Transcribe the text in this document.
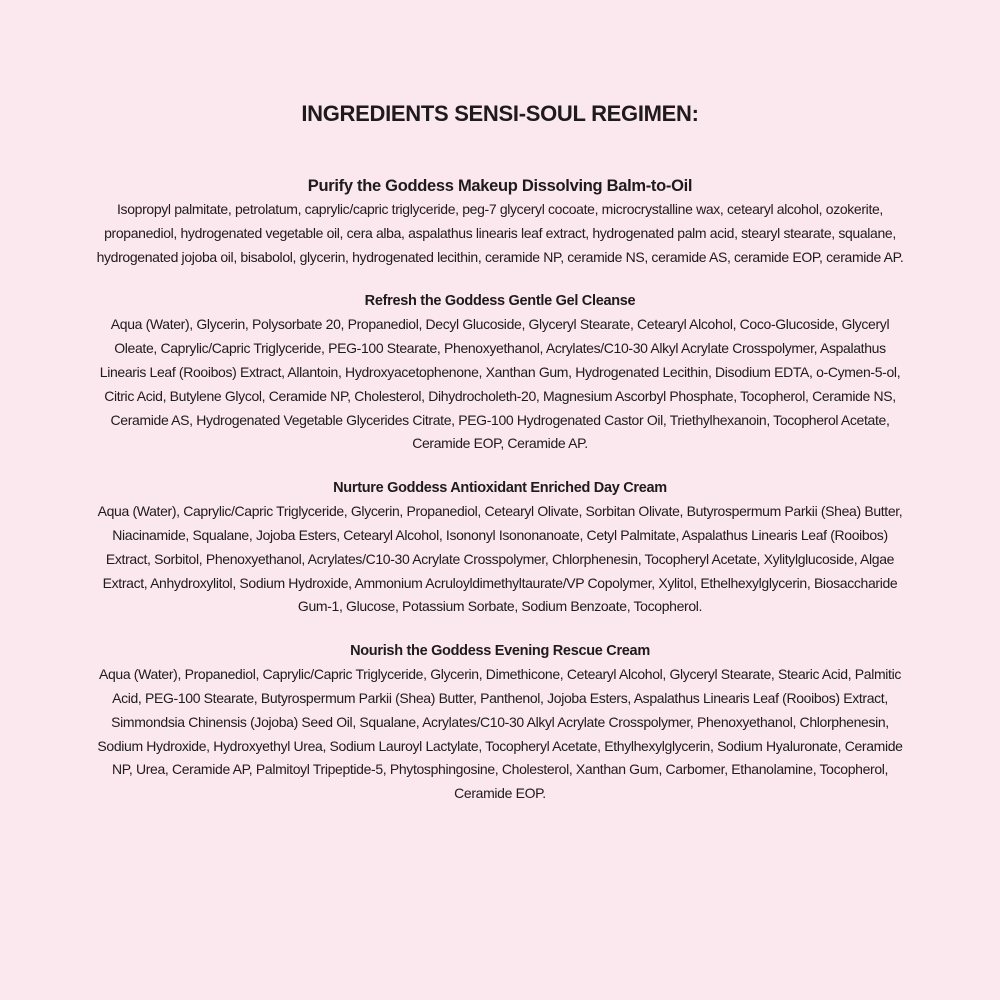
INGREDIENTS SENSI-SOUL REGIMEN:
Purify the Goddess Makeup Dissolving Balm-to-Oil

Isopropyl palmitate, petrolatum, caprylic/capric triglyceride, peg-7 glyceryl cocoate, microcrystalline wax, cetearyl alcohol, ozokerite, propanediol, hydrogenated vegetable oil, cera alba, aspalathus linearis leaf extract, hydrogenated palm acid, stearyl stearate, squalane, hydrogenated jojoba oil, bisabolol, glycerin, hydrogenated lecithin, ceramide NP, ceramide NS, ceramide AS, ceramide EOP, ceramide AP.

Refresh the Goddess Gentle Gel Cleanse

Aqua (Water), Glycerin, Polysorbate 20, Propanediol, Decyl Glucoside, Glyceryl Stearate, Cetearyl Alcohol, Coco-Glucoside, Glyceryl Oleate, Caprylic/Capric Triglyceride, PEG-100 Stearate, Phenoxyethanol, Acrylates/C10-30 Alkyl Acrylate Crosspolymer, Aspalathus Linearis Leaf (Rooibos) Extract, Allantoin, Hydroxyacetophenone, Xanthan Gum, Hydrogenated Lecithin, Disodium EDTA, o-Cymen-5-ol, Citric Acid, Butylene Glycol, Ceramide NP, Cholesterol, Dihydrocholeth-20, Magnesium Ascorbyl Phosphate, Tocopherol, Ceramide NS, Ceramide AS, Hydrogenated Vegetable Glycerides Citrate, PEG-100 Hydrogenated Castor Oil, Triethylhexanoin, Tocopherol Acetate, Ceramide EOP, Ceramide AP.

Nurture Goddess Antioxidant Enriched Day Cream

Aqua (Water), Caprylic/Capric Triglyceride, Glycerin, Propanediol, Cetearyl Olivate, Sorbitan Olivate, Butyrospermum Parkii (Shea) Butter, Niacinamide, Squalane, Jojoba Esters, Cetearyl Alcohol, Isononyl Isononanoate, Cetyl Palmitate, Aspalathus Linearis Leaf (Rooibos) Extract, Sorbitol, Phenoxyethanol, Acrylates/C10-30 Acrylate Crosspolymer, Chlorphenesin, Tocopheryl Acetate, Xylitylglucoside, Algae Extract, Anhydroxylitol, Sodium Hydroxide, Ammonium Acruloyldimethyltaurate/VP Copolymer, Xylitol, Ethelhexylglycerin, Biosaccharide Gum-1, Glucose, Potassium Sorbate, Sodium Benzoate, Tocopherol.

Nourish the Goddess Evening Rescue Cream

Aqua (Water), Propanediol, Caprylic/Capric Triglyceride, Glycerin, Dimethicone, Cetearyl Alcohol, Glyceryl Stearate, Stearic Acid, Palmitic Acid, PEG-100 Stearate, Butyrospermum Parkii (Shea) Butter, Panthenol, Jojoba Esters, Aspalathus Linearis Leaf (Rooibos) Extract, Simmondsia Chinensis (Jojoba) Seed Oil, Squalane, Acrylates/C10-30 Alkyl Acrylate Crosspolymer, Phenoxyethanol, Chlorphenesin, Sodium Hydroxide, Hydroxyethyl Urea, Sodium Lauroyl Lactylate, Tocopheryl Acetate, Ethylhexylglycerin, Sodium Hyaluronate, Ceramide NP, Urea, Ceramide AP, Palmitoyl Tripeptide-5, Phytosphingosine, Cholesterol, Xanthan Gum, Carbomer, Ethanolamine, Tocopherol, Ceramide EOP.
